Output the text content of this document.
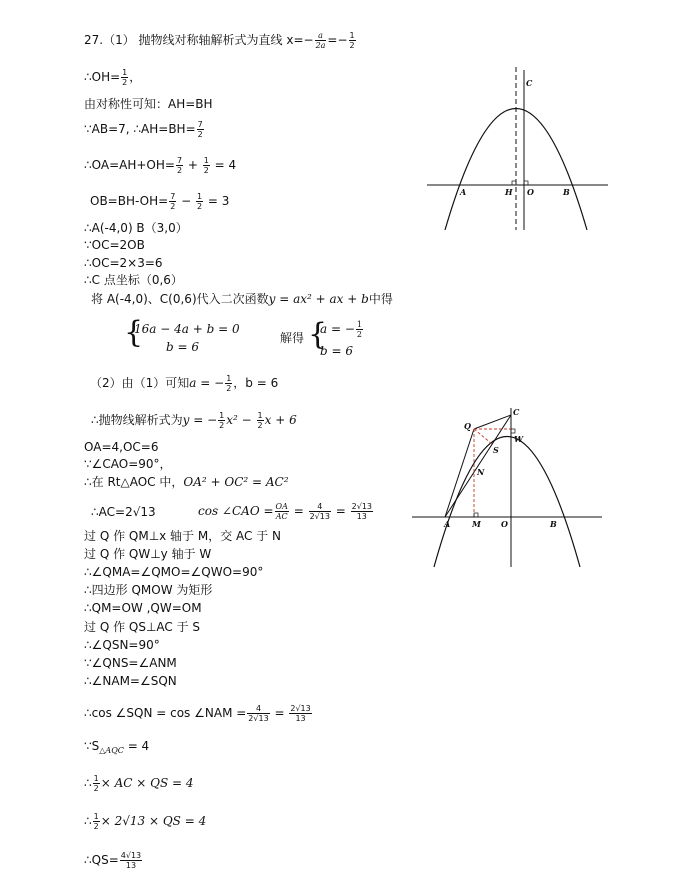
27.（1） 抛物线对称轴解析式为直线 $x=- \frac{a}{2a} =- \frac{1}{2}$
∴OH= $\frac{1}{2}$ ，
由对称性可知：AH=BH
∵AB=7, ∴AH=BH= $\frac{7}{2}$
∴OA=AH+OH= $\frac{7}{2} + \frac{1}{2} = 4$
$OB=BH-OH= \frac{7}{2} - \frac{1}{2} = 3$
∴A(-4,0) B（3,0）
∵OC=2OB
∴OC=2×3=6
∴C 点坐标（0,6）
将 A(-4,0)、C(0,6)代入二次函数y = ax² + ax + b中得
{
16a − 4a + b = 0
b = 6
解得 {
a = − $\frac{1}{2}$
b = 6
（2）由（1）可知a = − $\frac{1}{2}$ ，b = 6
∴抛物线解析式为y = − $\frac{1}{2} x^2 - \frac{1}{2}$ x + 6
OA=4,OC=6
∵∠CAO=90°，
∴在 Rt△AOC 中，OA² + OC² = AC²
∴AC=2√13	cos ∠CAO = $\frac{OA}{AC} = \frac{4}{2√13} = \frac{2√13}{13}$
过 Q 作 QM⊥x 轴于 M，交 AC 于 N
过 Q 作 QW⊥y 轴于 W
∴∠QMA=∠QMO=∠QWO=90°
∴四边形 QMOW 为矩形
∴QM=OW ,QW=OM
过 Q 作 QS⊥AC 于 S
∴∠QSN=90°
∵∠QNS=∠ANM
∴∠NAM=∠SQN
∴cos ∠SQN = cos ∠NAM = $\frac{4}{2√13} = \frac{2√13}{13}$
$\because S_{\triangle AQC} = 4$
∴ $\frac{1}{2}$ × AC × QS = 4
∴ $\frac{1}{2} \times 2√13$ × QS = 4
∴QS= $\frac{4√13}{13}$
C
A	H O	B
Q
C
W
S
N
A	M	O	B
